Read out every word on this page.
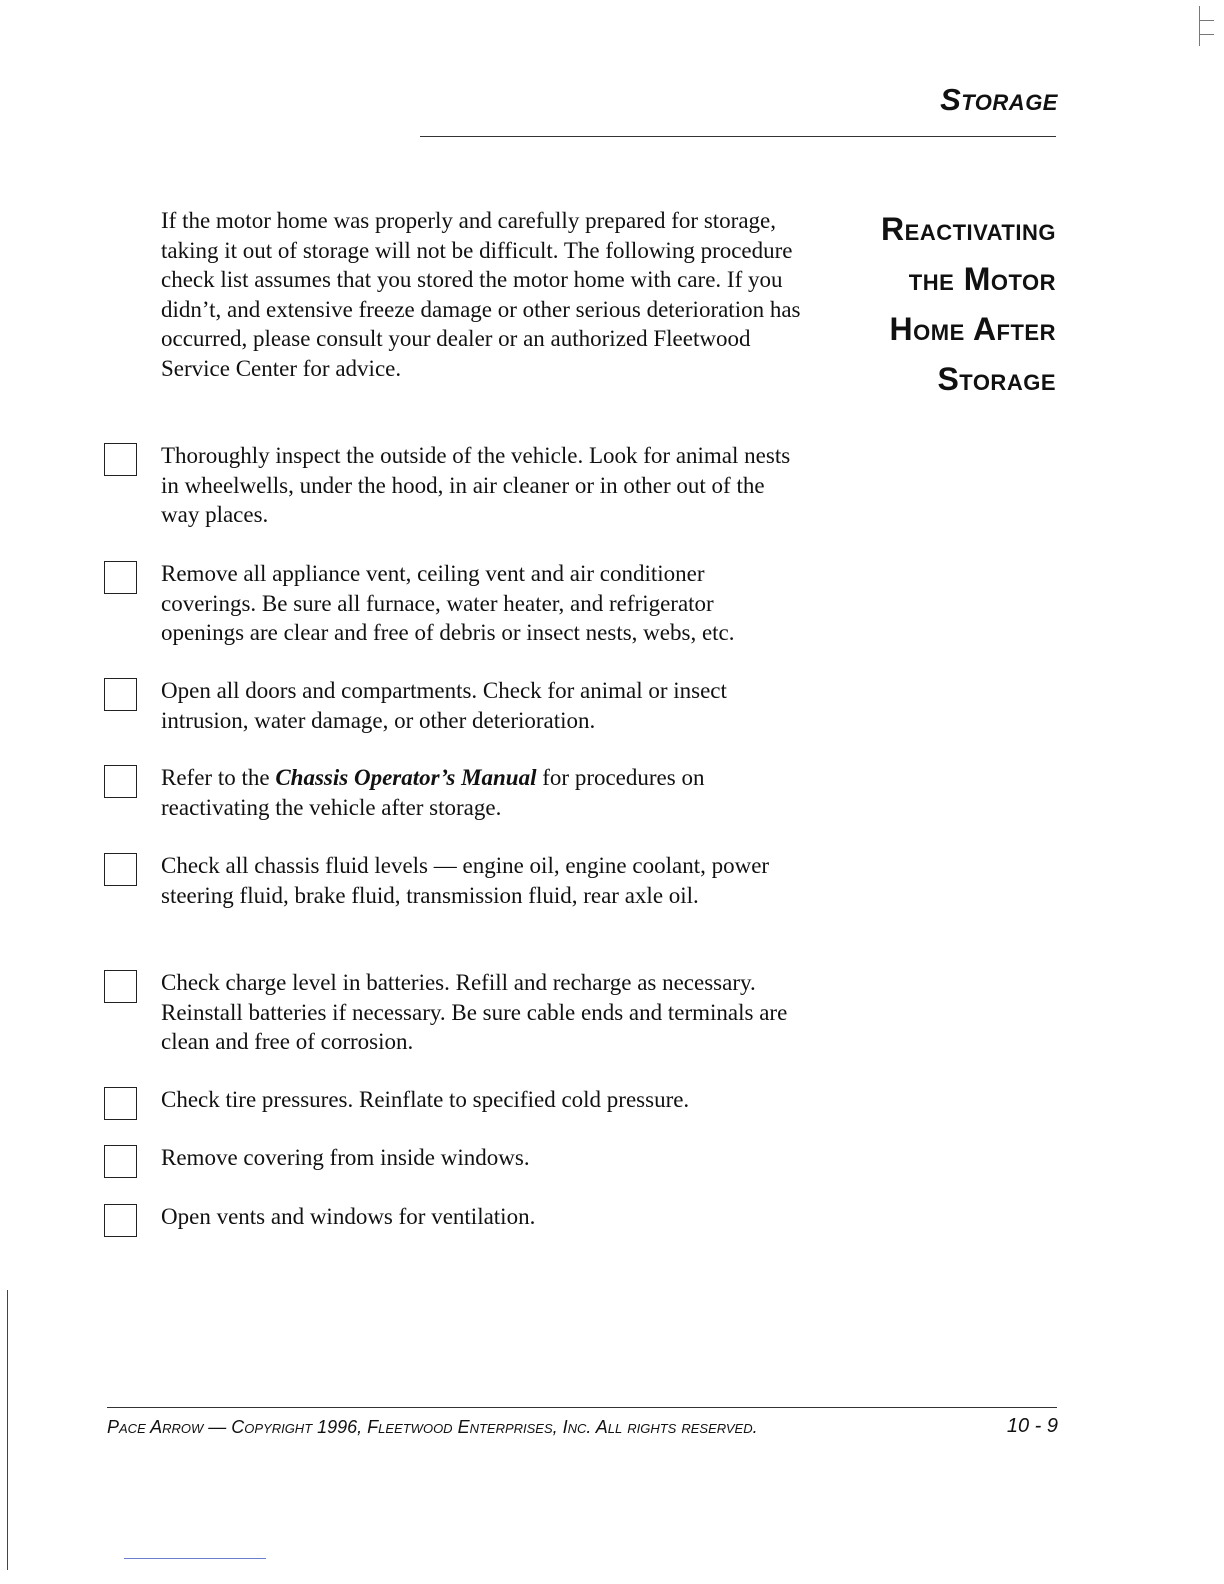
Storage
Reactivating
the Motor
Home After
Storage

If the motor home was properly and carefully prepared for storage, taking it out of storage will not be difficult. The following procedure check list assumes that you stored the motor home with care. If you didn’t, and extensive freeze damage or other serious deterioration has occurred, please consult your dealer or an authorized Fleetwood Service Center for advice.

Thoroughly inspect the outside of the vehicle. Look for animal nests in wheelwells, under the hood, in air cleaner or in other out of the way places.

Remove all appliance vent, ceiling vent and air conditioner coverings. Be sure all furnace, water heater, and refrigerator openings are clear and free of debris or insect nests, webs, etc.

Open all doors and compartments. Check for animal or insect intrusion, water damage, or other deterioration.

Refer to the Chassis Operator’s Manual for procedures on reactivating the vehicle after storage.

Check all chassis fluid levels — engine oil, engine coolant, power steering fluid, brake fluid, transmission fluid, rear axle oil.

Check charge level in batteries. Refill and recharge as necessary. Reinstall batteries if necessary. Be sure cable ends and terminals are clean and free of corrosion.

Check tire pressures. Reinflate to specified cold pressure.

Remove covering from inside windows.

Open vents and windows for ventilation.

Pace Arrow — Copyright 1996, Fleetwood Enterprises, Inc. All rights reserved.	10 - 9
